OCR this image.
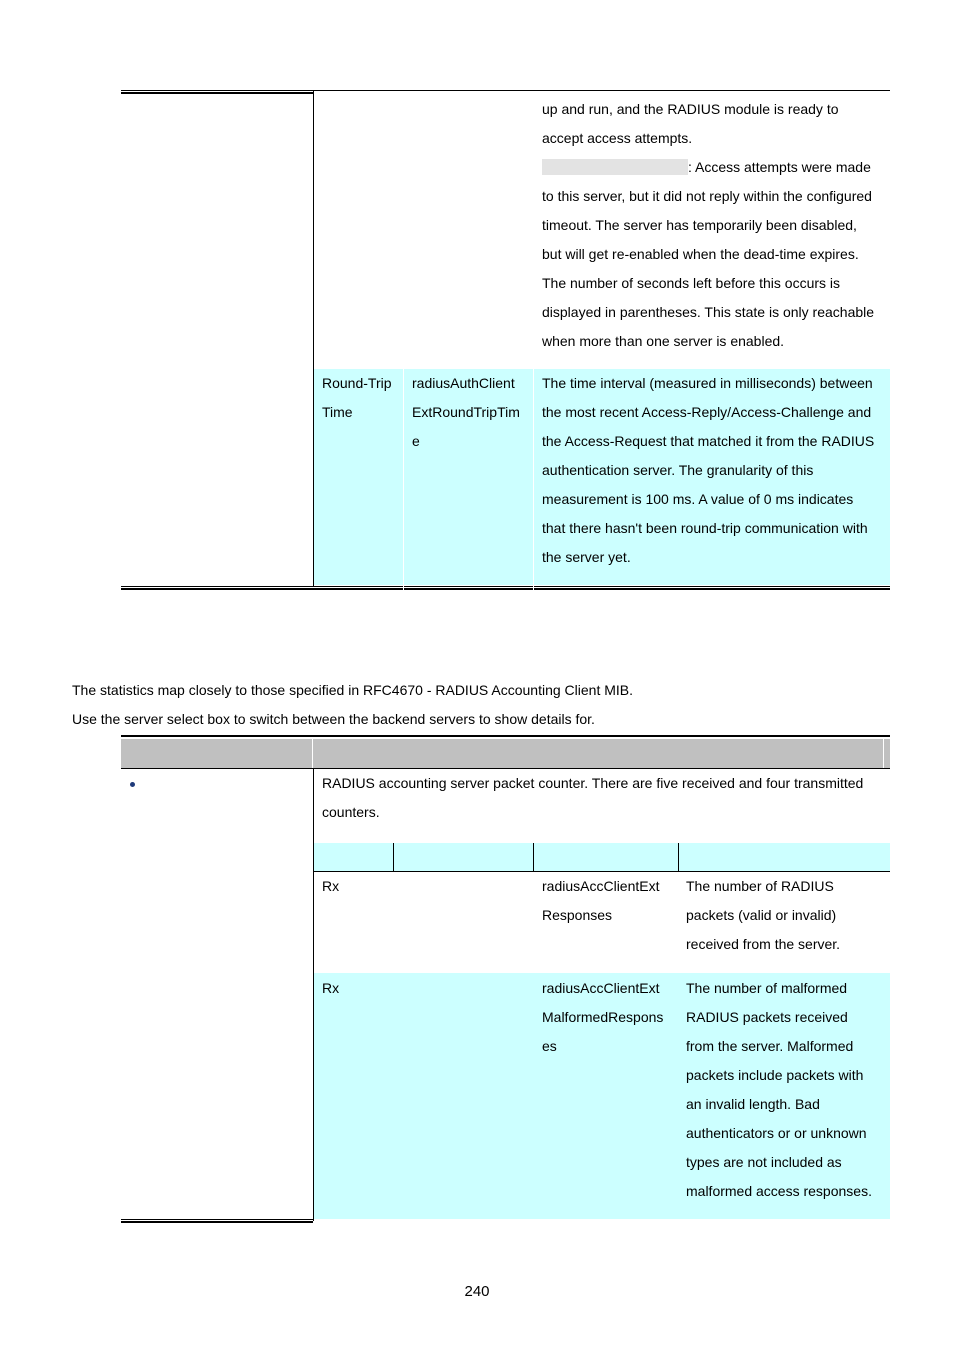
up and run, and the RADIUS module is ready to
accept access attempts.
: Access attempts were made
to this server, but it did not reply within the configured
timeout. The server has temporarily been disabled,
but will get re-enabled when the dead-time expires.
The number of seconds left before this occurs is
displayed in parentheses. This state is only reachable
when more than one server is enabled.
Round-Trip
Time
radiusAuthClient
ExtRoundTripTim
e
The time interval (measured in milliseconds) between
the most recent Access-Reply/Access-Challenge and
the Access-Request that matched it from the RADIUS
authentication server. The granularity of this
measurement is 100 ms. A value of 0 ms indicates
that there hasn't been round-trip communication with
the server yet.
The statistics map closely to those specified in RFC4670 - RADIUS Accounting Client MIB.
Use the server select box to switch between the backend servers to show details for.
RADIUS accounting server packet counter. There are five received and four transmitted
counters.
Rx	radiusAccClientExt
Responses
The number of RADIUS
packets (valid or invalid)
received from the server.
Rx	radiusAccClientExt
MalformedRespons
es
The number of malformed
RADIUS packets received
from the server. Malformed
packets include packets with
an invalid length. Bad
authenticators or or unknown
types are not included as
malformed access responses.
240
